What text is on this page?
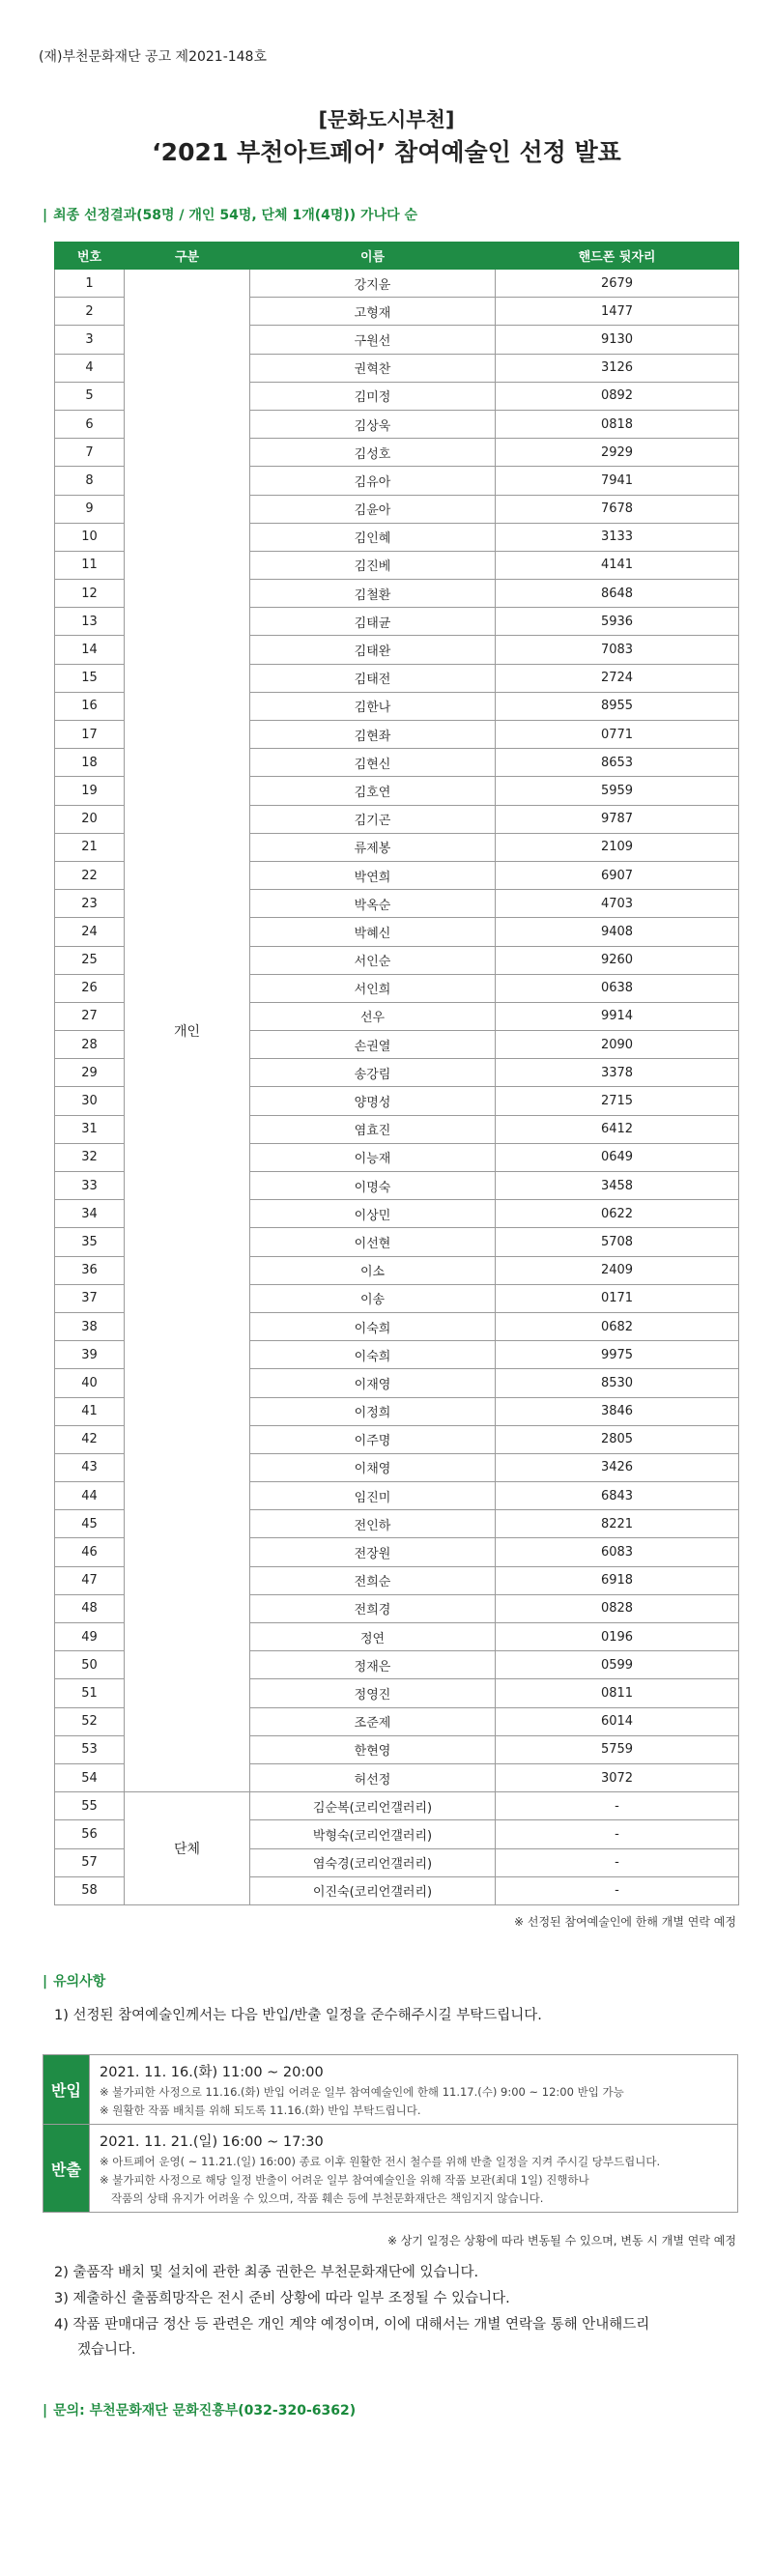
(재)부천문화재단 공고 제2021-148호
[문화도시부천]
‘2021 부천아트페어’ 참여예술인 선정 발표
| 최종 선정결과(58명 / 개인 54명, 단체 1개(4명)) 가나다 순
번호	구분	이름	핸드폰 뒷자리
1	개인	강지윤	2679
2		고형재	1477
3		구원선	9130
4		권혁찬	3126
5		김미정	0892
6		김상욱	0818
7		김성호	2929
8		김유아	7941
9		김윤아	7678
10		김인혜	3133
11		김진베	4141
12		김철환	8648
13		김태균	5936
14		김태완	7083
15		김태전	2724
16		김한나	8955
17		김현좌	0771
18		김현신	8653
19		김호연	5959
20		김기곤	9787
21		류제봉	2109
22		박연희	6907
23		박옥순	4703
24		박혜신	9408
25		서인순	9260
26		서인희	0638
27		선우	9914
28		손권열	2090
29		송강림	3378
30		양명성	2715
31		염효진	6412
32		이능재	0649
33		이명숙	3458
34		이상민	0622
35		이선현	5708
36		이소	2409
37		이송	0171
38		이숙희	0682
39		이숙희	9975
40		이재영	8530
41		이정희	3846
42		이주명	2805
43		이채영	3426
44		임진미	6843
45		전인하	8221
46		전장원	6083
47		전희순	6918
48		전희경	0828
49		정연	0196
50		정재은	0599
51		정영진	0811
52		조준제	6014
53		한현영	5759
54		허선정	3072
55	단체	김순복(코리언갤러리)	-
56		박형숙(코리언갤러리)	-
57		염숙경(코리언갤러리)	-
58		이진숙(코리언갤러리)	-
※ 선정된 참여예술인에 한해 개별 연락 예정
| 유의사항
1) 선정된 참여예술인께서는 다음 반입/반출 일정을 준수해주시길 부탁드립니다.
반입	2021. 11. 16.(화) 11:00 ~ 20:00
※ 불가피한 사정으로 11.16.(화) 반입 어려운 일부 참여예술인에 한해 11.17.(수) 9:00 ~ 12:00 반입 가능
※ 원활한 작품 배치를 위해 되도록 11.16.(화) 반입 부탁드립니다.

반출	2021. 11. 21.(일) 16:00 ~ 17:30
※ 아트페어 운영( ~ 11.21.(일) 16:00) 종료 이후 원활한 전시 철수를 위해 반출 일정을 지켜 주시길 당부드립니다.
※ 불가피한 사정으로 해당 일정 반출이 어려운 일부 참여예술인을 위해 작품 보관(최대 1일) 진행하나
작품의 상태 유지가 어려울 수 있으며, 작품 훼손 등에 부천문화재단은 책임지지 않습니다.
※ 상기 일정은 상황에 따라 변동될 수 있으며, 변동 시 개별 연락 예정
2) 출품작 배치 및 설치에 관한 최종 권한은 부천문화재단에 있습니다.
3) 제출하신 출품희망작은 전시 준비 상황에 따라 일부 조정될 수 있습니다.
4) 작품 판매대금 정산 등 관련은 개인 계약 예정이며, 이에 대해서는 개별 연락을 통해 안내해드리
겠습니다.
| 문의: 부천문화재단 문화진흥부(032-320-6362)
